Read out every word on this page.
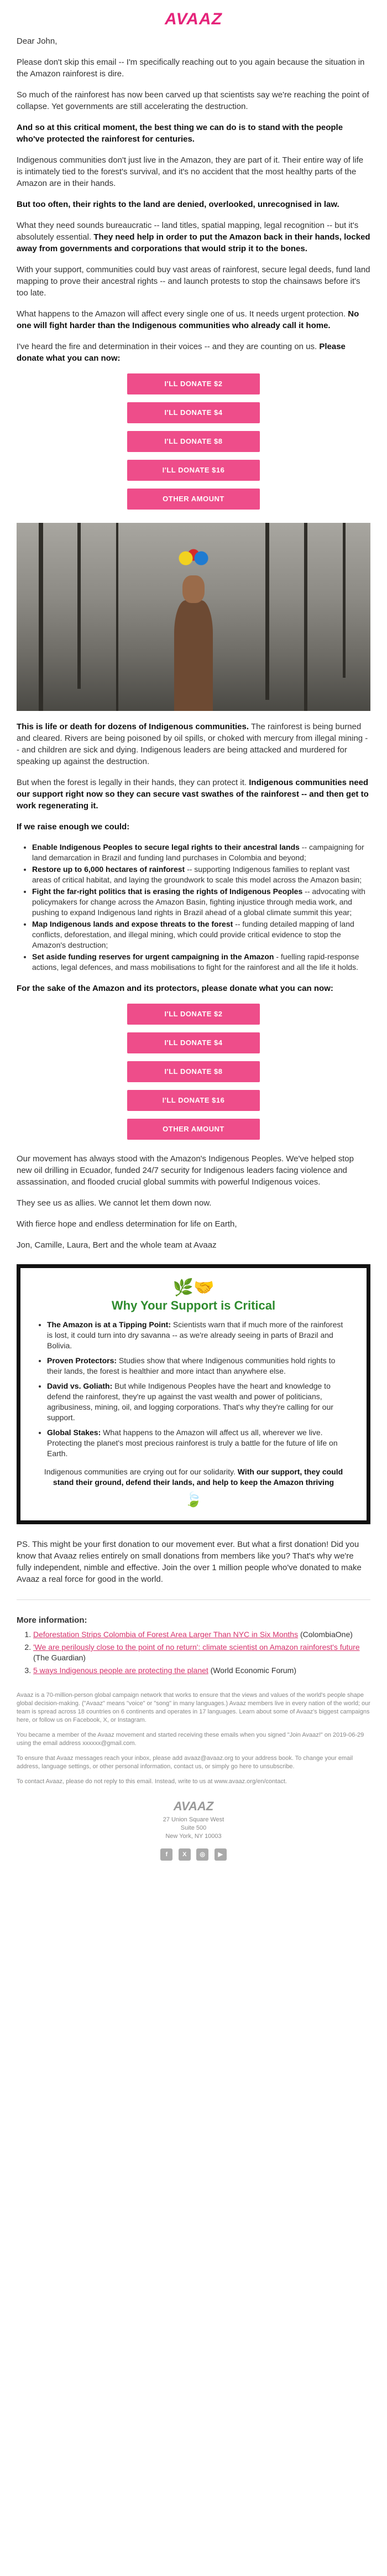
AVAAZ

Dear John,

Please don't skip this email -- I'm specifically reaching out to you again because the situation in the Amazon rainforest is dire.

So much of the rainforest has now been carved up that scientists say we're reaching the point of collapse. Yet governments are still accelerating the destruction.

And so at this critical moment, the best thing we can do is to stand with the people who've protected the rainforest for centuries.

Indigenous communities don't just live in the Amazon, they are part of it. Their entire way of life is intimately tied to the forest's survival, and it's no accident that the most healthy parts of the Amazon are in their hands.

But too often, their rights to the land are denied, overlooked, unrecognised in law.

What they need sounds bureaucratic -- land titles, spatial mapping, legal recognition -- but it's absolutely essential. They need help in order to put the Amazon back in their hands, locked away from governments and corporations that would strip it to the bones.

With your support, communities could buy vast areas of rainforest, secure legal deeds, fund land mapping to prove their ancestral rights -- and launch protests to stop the chainsaws before it's too late.

What happens to the Amazon will affect every single one of us. It needs urgent protection. No one will fight harder than the Indigenous communities who already call it home.

I've heard the fire and determination in their voices -- and they are counting on us. Please donate what you can now:

I'LL DONATE $2
I'LL DONATE $4
I'LL DONATE $8
I'LL DONATE $16
OTHER AMOUNT

This is life or death for dozens of Indigenous communities. The rainforest is being burned and cleared. Rivers are being poisoned by oil spills, or choked with mercury from illegal mining -- and children are sick and dying. Indigenous leaders are being attacked and murdered for speaking up against the destruction.

But when the forest is legally in their hands, they can protect it. Indigenous communities need our support right now so they can secure vast swathes of the rainforest -- and then get to work regenerating it.

If we raise enough we could:

• Enable Indigenous Peoples to secure legal rights to their ancestral lands -- campaigning for land demarcation in Brazil and funding land purchases in Colombia and beyond;
• Restore up to 6,000 hectares of rainforest -- supporting Indigenous families to replant vast areas of critical habitat, and laying the groundwork to scale this model across the Amazon basin;
• Fight the far-right politics that is erasing the rights of Indigenous Peoples -- advocating with policymakers for change across the Amazon Basin, fighting injustice through media work, and pushing to expand Indigenous land rights in Brazil ahead of a global climate summit this year;
• Map Indigenous lands and expose threats to the forest -- funding detailed mapping of land conflicts, deforestation, and illegal mining, which could provide critical evidence to stop the Amazon's destruction;
• Set aside funding reserves for urgent campaigning in the Amazon - fuelling rapid-response actions, legal defences, and mass mobilisations to fight for the rainforest and all the life it holds.

For the sake of the Amazon and its protectors, please donate what you can now:

I'LL DONATE $2
I'LL DONATE $4
I'LL DONATE $8
I'LL DONATE $16
OTHER AMOUNT

Our movement has always stood with the Amazon's Indigenous Peoples. We've helped stop new oil drilling in Ecuador, funded 24/7 security for Indigenous leaders facing violence and assassination, and flooded crucial global summits with powerful Indigenous voices.

They see us as allies. We cannot let them down now.

With fierce hope and endless determination for life on Earth,

Jon, Camille, Laura, Bert and the whole team at Avaaz

🌿🤝
Why Your Support is Critical
• The Amazon is at a Tipping Point: Scientists warn that if much more of the rainforest is lost, it could turn into dry savanna -- as we're already seeing in parts of Brazil and Bolivia.
• Proven Protectors: Studies show that where Indigenous communities hold rights to their lands, the forest is healthier and more intact than anywhere else.
• David vs. Goliath: But while Indigenous Peoples have the heart and knowledge to defend the rainforest, they're up against the vast wealth and power of politicians, agribusiness, mining, oil, and logging corporations. That's why they're calling for our support.
• Global Stakes: What happens to the Amazon will affect us all, wherever we live. Protecting the planet's most precious rainforest is truly a battle for the future of life on Earth.
Indigenous communities are crying out for our solidarity. With our support, they could stand their ground, defend their lands, and help to keep the Amazon thriving
🍃

PS. This might be your first donation to our movement ever. But what a first donation! Did you know that Avaaz relies entirely on small donations from members like you? That's why we're fully independent, nimble and effective. Join the over 1 million people who've donated to make Avaaz a real force for good in the world.

More information:
1. Deforestation Strips Colombia of Forest Area Larger Than NYC in Six Months (ColombiaOne)
2. 'We are perilously close to the point of no return': climate scientist on Amazon rainforest's future (The Guardian)
3. 5 ways Indigenous people are protecting the planet (World Economic Forum)

Avaaz is a 70-million-person global campaign network that works to ensure that the views and values of the world's people shape global decision-making. ("Avaaz" means "voice" or "song" in many languages.) Avaaz members live in every nation of the world; our team is spread across 18 countries on 6 continents and operates in 17 languages. Learn about some of Avaaz's biggest campaigns here, or follow us on Facebook, X, or Instagram.

You became a member of the Avaaz movement and started receiving these emails when you signed "Join Avaaz!" on 2019-06-29 using the email address xxxxxx@gmail.com.

To ensure that Avaaz messages reach your inbox, please add avaaz@avaaz.org to your address book. To change your email address, language settings, or other personal information, contact us, or simply go here to unsubscribe.

To contact Avaaz, please do not reply to this email. Instead, write to us at www.avaaz.org/en/contact.

AVAAZ
27 Union Square West
Suite 500
New York, NY 10003
f X ◎ ▶
